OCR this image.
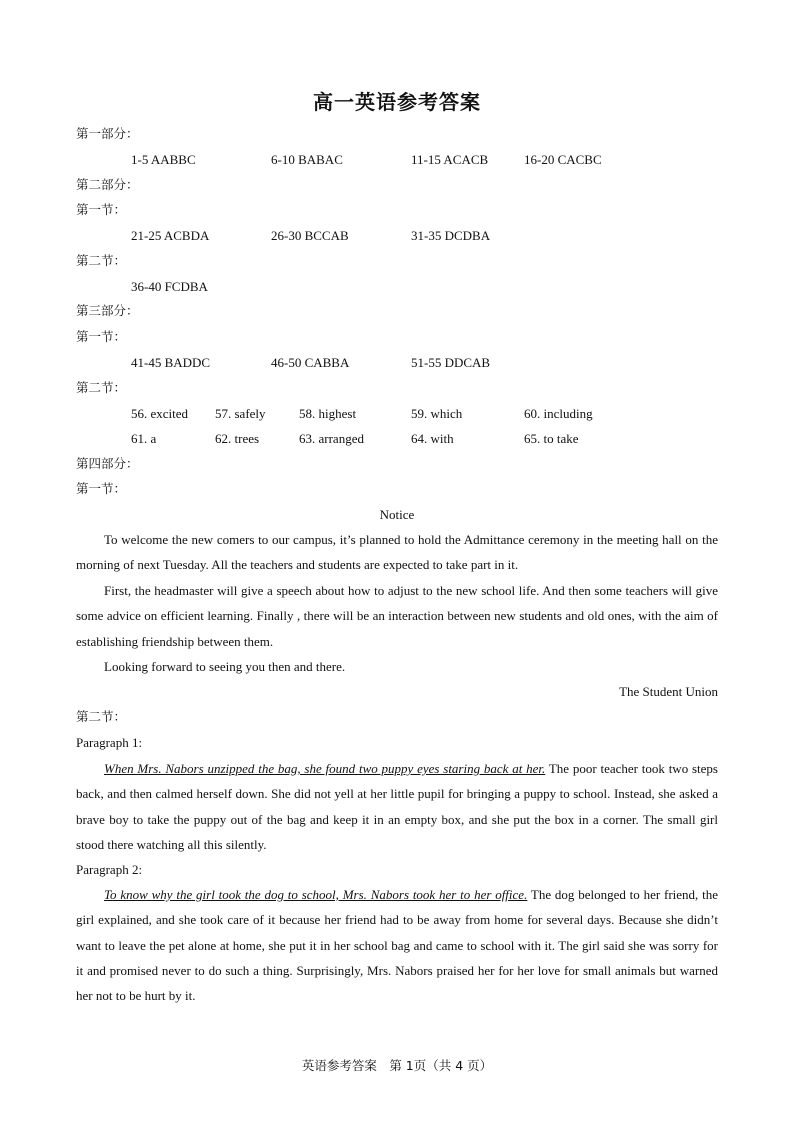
高一英语参考答案
第一部分：
1-5 AABBC	6-10 BABAC	11-15 ACACB	16-20 CACBC
第二部分：
第一节：
21-25 ACBDA	26-30 BCCAB	31-35 DCDBA
第二节：
36-40 FCDBA
第三部分：
第一节：
41-45 BADDC	46-50 CABBA	51-55 DDCAB
第二节：
56. excited 57. safely	58. highest	59. which	60. including
61. a	62. trees	63. arranged	64. with	65. to take
第四部分：
第一节：
Notice

To welcome the new comers to our campus, it’s planned to hold the Admittance ceremony in the meeting hall on the morning of next Tuesday. All the teachers and students are expected to take part in it.

First, the headmaster will give a speech about how to adjust to the new school life. And then some teachers will give some advice on efficient learning. Finally , there will be an interaction between new students and old ones, with the aim of establishing friendship between them.

Looking forward to seeing you then and there.

The Student Union
第二节：
Paragraph 1:

When Mrs. Nabors unzipped the bag, she found two puppy eyes staring back at her. The poor teacher took two steps back, and then calmed herself down. She did not yell at her little pupil for bringing a puppy to school. Instead, she asked a brave boy to take the puppy out of the bag and keep it in an empty box, and she put the box in a corner. The small girl stood there watching all this silently.

Paragraph 2:

To know why the girl took the dog to school, Mrs. Nabors took her to her office. The dog belonged to her friend, the girl explained, and she took care of it because her friend had to be away from home for several days. Because she didn’t want to leave the pet alone at home, she put it in her school bag and came to school with it. The girl said she was sorry for it and promised never to do such a thing. Surprisingly, Mrs. Nabors praised her for her love for small animals but warned her not to be hurt by it.

英语参考答案　第 1页（共 4 页）
